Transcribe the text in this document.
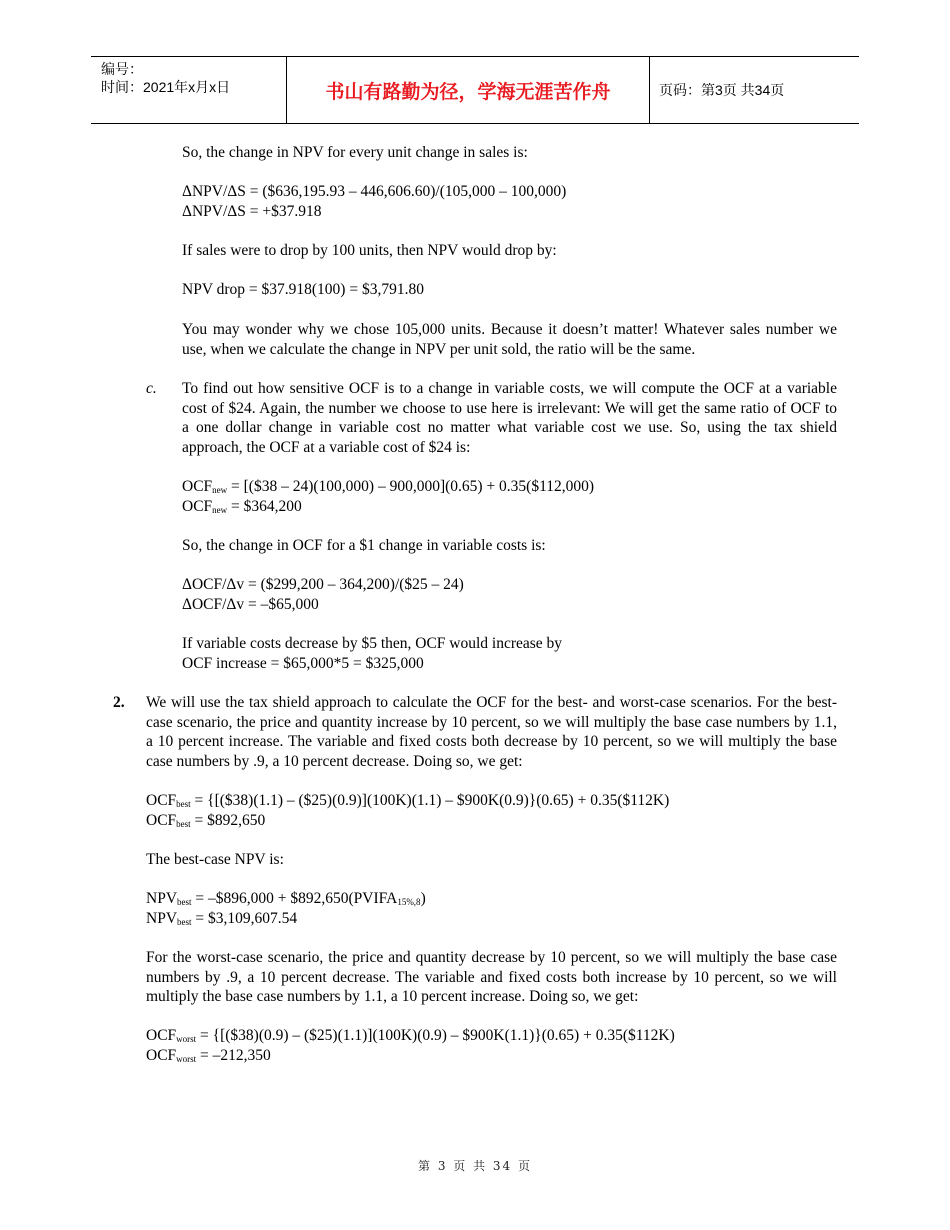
编号：
时间：2021年x月x日	书山有路勤为径，学海无涯苦作舟	页码：第3页 共34页
So, the change in NPV for every unit change in sales is:
ΔNPV/ΔS = ($636,195.93 – 446,606.60)/(105,000 – 100,000)
ΔNPV/ΔS = +$37.918
If sales were to drop by 100 units, then NPV would drop by:
NPV drop = $37.918(100) = $3,791.80
You may wonder why we chose 105,000 units. Because it doesn’t matter! Whatever sales number we use, when we calculate the change in NPV per unit sold, the ratio will be the same.
c. To find out how sensitive OCF is to a change in variable costs, we will compute the OCF at a variable cost of $24. Again, the number we choose to use here is irrelevant: We will get the same ratio of OCF to a one dollar change in variable cost no matter what variable cost we use. So, using the tax shield approach, the OCF at a variable cost of $24 is:
$OCF_{new}$ = [($38 – 24)(100,000) – 900,000](0.65) + 0.35($112,000)
$OCF_{new}$ = $364,200
So, the change in OCF for a $1 change in variable costs is:
ΔOCF/Δv = ($299,200 – 364,200)/($25 – 24)
ΔOCF/Δv = –$65,000
If variable costs decrease by $5 then, OCF would increase by
OCF increase = $65,000*5 = $325,000
2. We will use the tax shield approach to calculate the OCF for the best- and worst-case scenarios. For the best-case scenario, the price and quantity increase by 10 percent, so we will multiply the base case numbers by 1.1, a 10 percent increase. The variable and fixed costs both decrease by 10 percent, so we will multiply the base case numbers by .9, a 10 percent decrease. Doing so, we get:
$OCF_{best}$ = {[($38)(1.1) – ($25)(0.9)](100K)(1.1) – $900K(0.9)}(0.65) + 0.35($112K)
$OCF_{best}$ = $892,650
The best-case NPV is:
$NPV_{best}$ = –$896,000 + $\$892,650(PVIFA_{15\%,8})$
$NPV_{best}$ = $3,109,607.54
For the worst-case scenario, the price and quantity decrease by 10 percent, so we will multiply the base case numbers by .9, a 10 percent decrease. The variable and fixed costs both increase by 10 percent, so we will multiply the base case numbers by 1.1, a 10 percent increase. Doing so, we get:
$OCF_{worst}$ = {[($38)(0.9) – ($25)(1.1)](100K)(0.9) – $900K(1.1)}(0.65) + 0.35($112K)
$OCF_{worst} = -212,350$
第 3 页 共 34 页
